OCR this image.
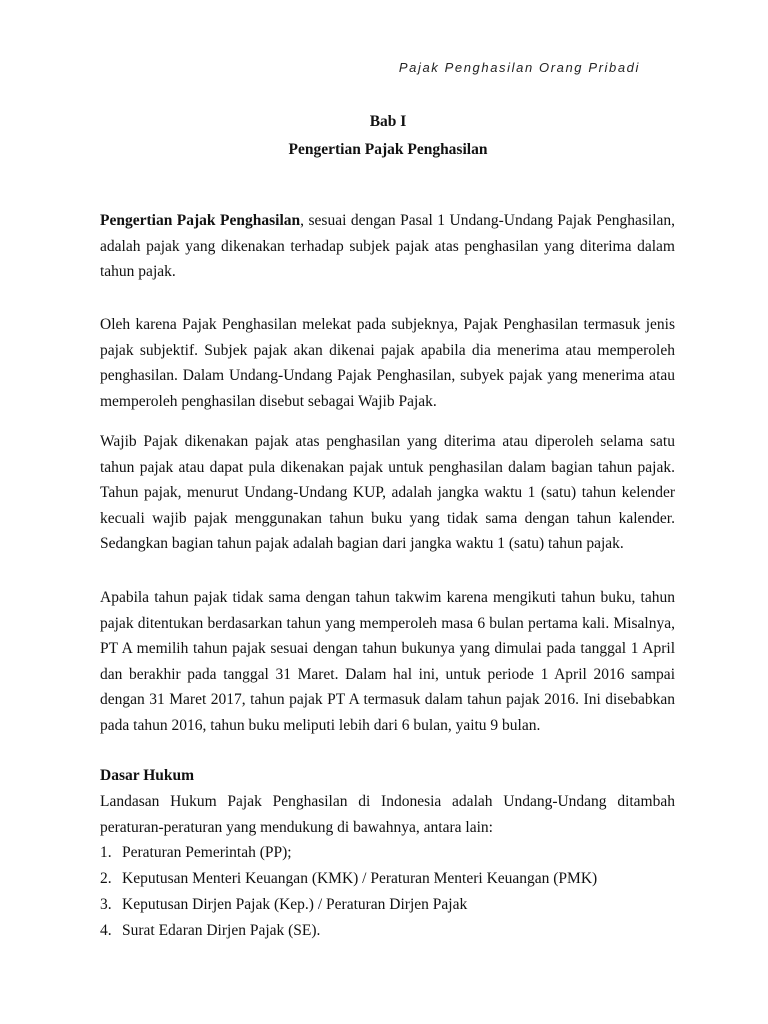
Pajak Penghasilan Orang Pribadi
Bab I
Pengertian Pajak Penghasilan

Pengertian Pajak Penghasilan, sesuai dengan Pasal 1 Undang-Undang Pajak Penghasilan, adalah pajak yang dikenakan terhadap subjek pajak atas penghasilan yang diterima dalam tahun pajak.

Oleh karena Pajak Penghasilan melekat pada subjeknya, Pajak Penghasilan termasuk jenis pajak subjektif. Subjek pajak akan dikenai pajak apabila dia menerima atau memperoleh penghasilan. Dalam Undang-Undang Pajak Penghasilan, subyek pajak yang menerima atau memperoleh penghasilan disebut sebagai Wajib Pajak.

Wajib Pajak dikenakan pajak atas penghasilan yang diterima atau diperoleh selama satu tahun pajak atau dapat pula dikenakan pajak untuk penghasilan dalam bagian tahun pajak. Tahun pajak, menurut Undang-Undang KUP, adalah jangka waktu 1 (satu) tahun kelender kecuali wajib pajak menggunakan tahun buku yang tidak sama dengan tahun kalender. Sedangkan bagian tahun pajak adalah bagian dari jangka waktu 1 (satu) tahun pajak.

Apabila tahun pajak tidak sama dengan tahun takwim karena mengikuti tahun buku, tahun pajak ditentukan berdasarkan tahun yang memperoleh masa 6 bulan pertama kali. Misalnya, PT A memilih tahun pajak sesuai dengan tahun bukunya yang dimulai pada tanggal 1 April dan berakhir pada tanggal 31 Maret. Dalam hal ini, untuk periode 1 April 2016 sampai dengan 31 Maret 2017, tahun pajak PT A termasuk dalam tahun pajak 2016. Ini disebabkan pada tahun 2016, tahun buku meliputi lebih dari 6 bulan, yaitu 9 bulan.

Dasar Hukum

Landasan Hukum Pajak Penghasilan di Indonesia adalah Undang-Undang ditambah peraturan-peraturan yang mendukung di bawahnya, antara lain:

1. Peraturan Pemerintah (PP);
2. Keputusan Menteri Keuangan (KMK) / Peraturan Menteri Keuangan (PMK)
3. Keputusan Dirjen Pajak (Kep.) / Peraturan Dirjen Pajak
4. Surat Edaran Dirjen Pajak (SE).
